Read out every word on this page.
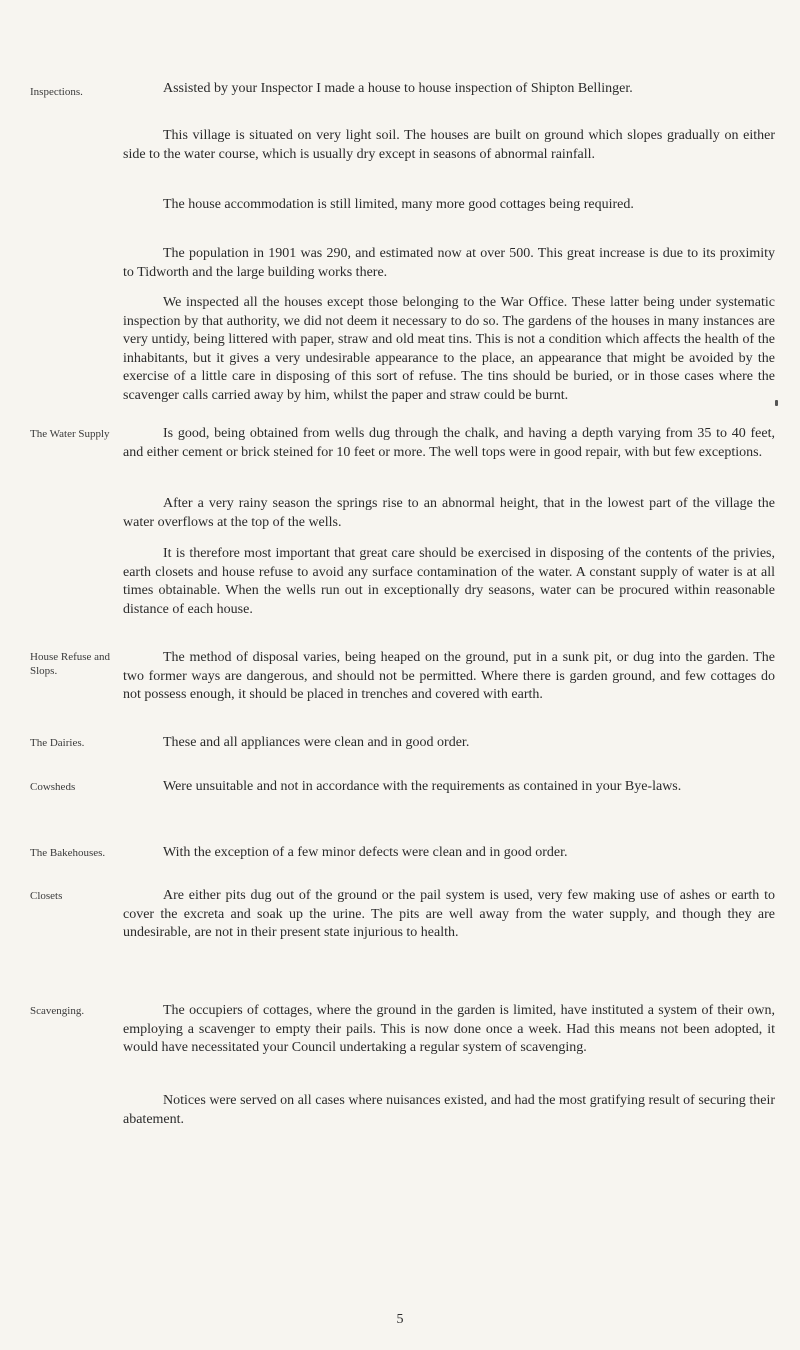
Inspections.	Assisted by your Inspector I made a house to house inspection of Shipton Bellinger.

This village is situated on very light soil. The houses are built on ground which slopes gradually on either side to the water course, which is usually dry except in seasons of abnormal rainfall.

The house accommodation is still limited, many more good cottages being required.

The population in 1901 was 290, and estimated now at over 500. This great increase is due to its proximity to Tidworth and the large building works there.

We inspected all the houses except those belonging to the War Office. These latter being under systematic inspection by that authority, we did not deem it necessary to do so. The gardens of the houses in many instances are very untidy, being littered with paper, straw and old meat tins. This is not a condition which affects the health of the inhabitants, but it gives a very undesirable appearance to the place, an appearance that might be avoided by the exercise of a little care in disposing of this sort of refuse. The tins should be buried, or in those cases where the scavenger calls carried away by him, whilst the paper and straw could be burnt.

The Water Supply	Is good, being obtained from wells dug through the chalk, and having a depth varying from 35 to 40 feet, and either cement or brick steined for 10 feet or more. The well tops were in good repair, with but few exceptions.

After a very rainy season the springs rise to an abnormal height, that in the lowest part of the village the water overflows at the top of the wells.

It is therefore most important that great care should be exercised in disposing of the contents of the privies, earth closets and house refuse to avoid any surface contamination of the water. A constant supply of water is at all times obtainable. When the wells run out in exceptionally dry seasons, water can be procured within reasonable distance of each house.

House Refuse and Slops.

The method of disposal varies, being heaped on the ground, put in a sunk pit, or dug into the garden. The two former ways are dangerous, and should not be permitted. Where there is garden ground, and few cottages do not possess enough, it should be placed in trenches and covered with earth.

The Dairies.	These and all appliances were clean and in good order.

Cowsheds	Were unsuitable and not in accordance with the requirements as contained in your Bye-laws.

The Bakehouses.	With the exception of a few minor defects were clean and in good order.

Closets	Are either pits dug out of the ground or the pail system is used, very few making use of ashes or earth to cover the excreta and soak up the urine. The pits are well away from the water supply, and though they are undesirable, are not in their present state injurious to health.

Scavenging.	The occupiers of cottages, where the ground in the garden is limited, have instituted a system of their own, employing a scavenger to empty their pails. This is now done once a week. Had this means not been adopted, it would have necessitated your Council undertaking a regular system of scavenging.

Notices were served on all cases where nuisances existed, and had the most gratifying result of securing their abatement.

5
